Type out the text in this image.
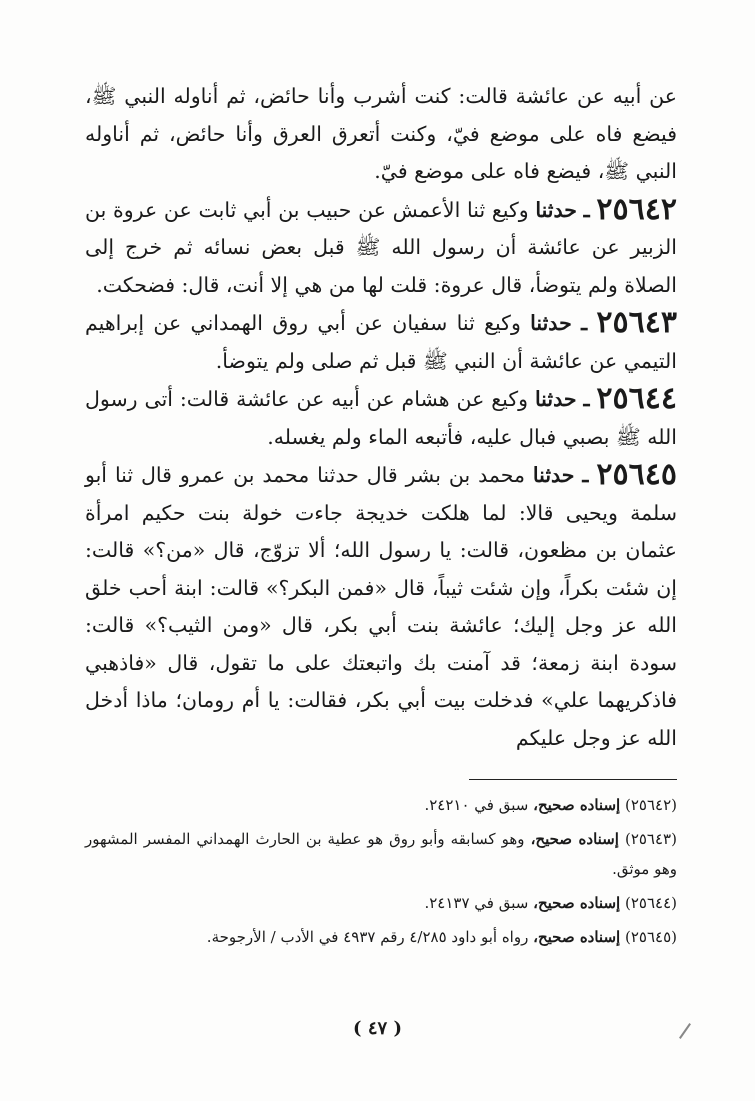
عن أبيه عن عائشة قالت: كنت أشرب وأنا حائض، ثم أناوله النبي ﷺ، فيضع فاه على موضع فيّ، وكنت أتعرق العرق وأنا حائض، ثم أناوله النبي ﷺ، فيضع فاه على موضع فيّ.

٢٥٦٤٢ ـ حدثنا وكيع ثنا الأعمش عن حبيب بن أبي ثابت عن عروة بن الزبير عن عائشة أن رسول الله ﷺ قبل بعض نسائه ثم خرج إلى الصلاة ولم يتوضأ، قال عروة: قلت لها من هي إلا أنت، قال: فضحكت.

٢٥٦٤٣ ـ حدثنا وكيع ثنا سفيان عن أبي روق الهمداني عن إبراهيم التيمي عن عائشة أن النبي ﷺ قبل ثم صلى ولم يتوضأ.

٢٥٦٤٤ ـ حدثنا وكيع عن هشام عن أبيه عن عائشة قالت: أتى رسول الله ﷺ بصبي فبال عليه، فأتبعه الماء ولم يغسله.

٢٥٦٤٥ ـ حدثنا محمد بن بشر قال حدثنا محمد بن عمرو قال ثنا أبو سلمة ويحيى قالا: لما هلكت خديجة جاءت خولة بنت حكيم امرأة عثمان بن مظعون، قالت: يا رسول الله؛ ألا تزوّج، قال «من؟» قالت: إن شئت بكراً، وإن شئت ثيباً، قال «فمن البكر؟» قالت: ابنة أحب خلق الله عز وجل إليك؛ عائشة بنت أبي بكر، قال «ومن الثيب؟» قالت: سودة ابنة زمعة؛ قد آمنت بك واتبعتك على ما تقول، قال «فاذهبي فاذكريهما علي» فدخلت بيت أبي بكر، فقالت: يا أم رومان؛ ماذا أدخل الله عز وجل عليكم

(٢٥٦٤٢) إسناده صحيح، سبق في ٢٤٢١٠.

(٢٥٦٤٣) إسناده صحيح، وهو كسابقه وأبو روق هو عطية بن الحارث الهمداني المفسر المشهور وهو موثق.

(٢٥٦٤٤) إسناده صحيح، سبق في ٢٤١٣٧.

(٢٥٦٤٥) إسناده صحيح، رواه أبو داود ٤/٢٨٥ رقم ٤٩٣٧ في الأدب / الأرجوحة.

( ٤٧ )
